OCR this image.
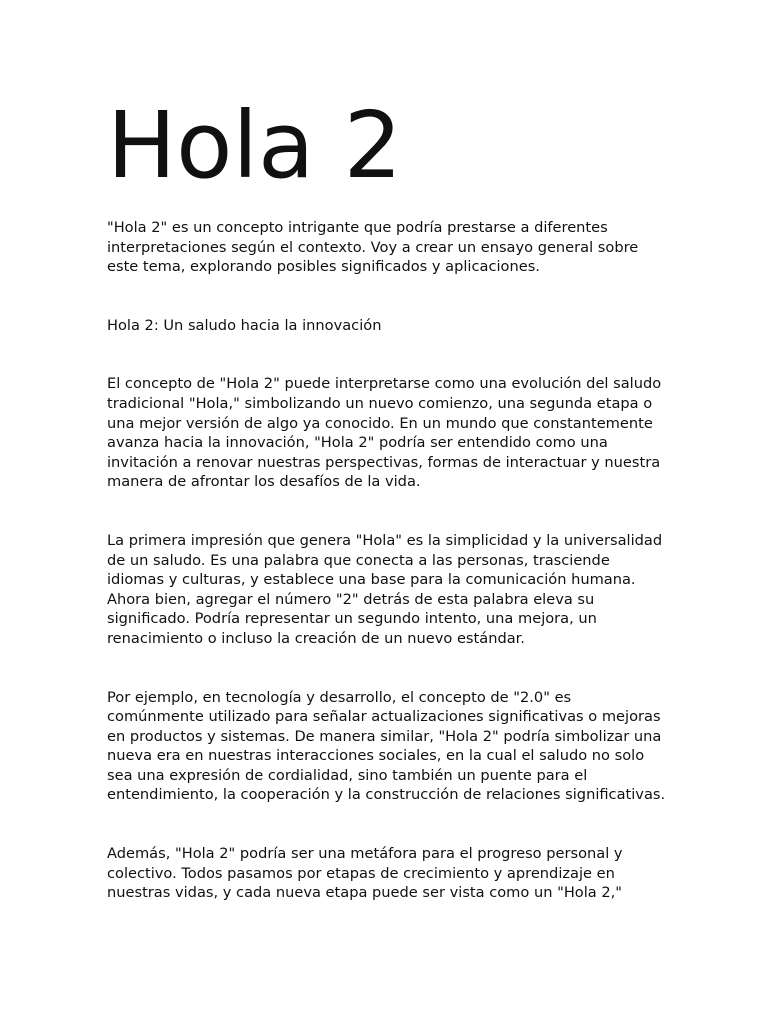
Hola 2

"Hola 2" es un concepto intrigante que podría prestarse a diferentes interpretaciones según el contexto. Voy a crear un ensayo general sobre este tema, explorando posibles significados y aplicaciones.

Hola 2: Un saludo hacia la innovación

El concepto de "Hola 2" puede interpretarse como una evolución del saludo tradicional "Hola," simbolizando un nuevo comienzo, una segunda etapa o una mejor versión de algo ya conocido. En un mundo que constantemente avanza hacia la innovación, "Hola 2" podría ser entendido como una invitación a renovar nuestras perspectivas, formas de interactuar y nuestra manera de afrontar los desafíos de la vida.

La primera impresión que genera "Hola" es la simplicidad y la universalidad de un saludo. Es una palabra que conecta a las personas, trasciende idiomas y culturas, y establece una base para la comunicación humana. Ahora bien, agregar el número "2" detrás de esta palabra eleva su significado. Podría representar un segundo intento, una mejora, un renacimiento o incluso la creación de un nuevo estándar.

Por ejemplo, en tecnología y desarrollo, el concepto de "2.0" es comúnmente utilizado para señalar actualizaciones significativas o mejoras en productos y sistemas. De manera similar, "Hola 2" podría simbolizar una nueva era en nuestras interacciones sociales, en la cual el saludo no solo sea una expresión de cordialidad, sino también un puente para el entendimiento, la cooperación y la construcción de relaciones significativas.

Además, "Hola 2" podría ser una metáfora para el progreso personal y colectivo. Todos pasamos por etapas de crecimiento y aprendizaje en nuestras vidas, y cada nueva etapa puede ser vista como un "Hola 2,"
